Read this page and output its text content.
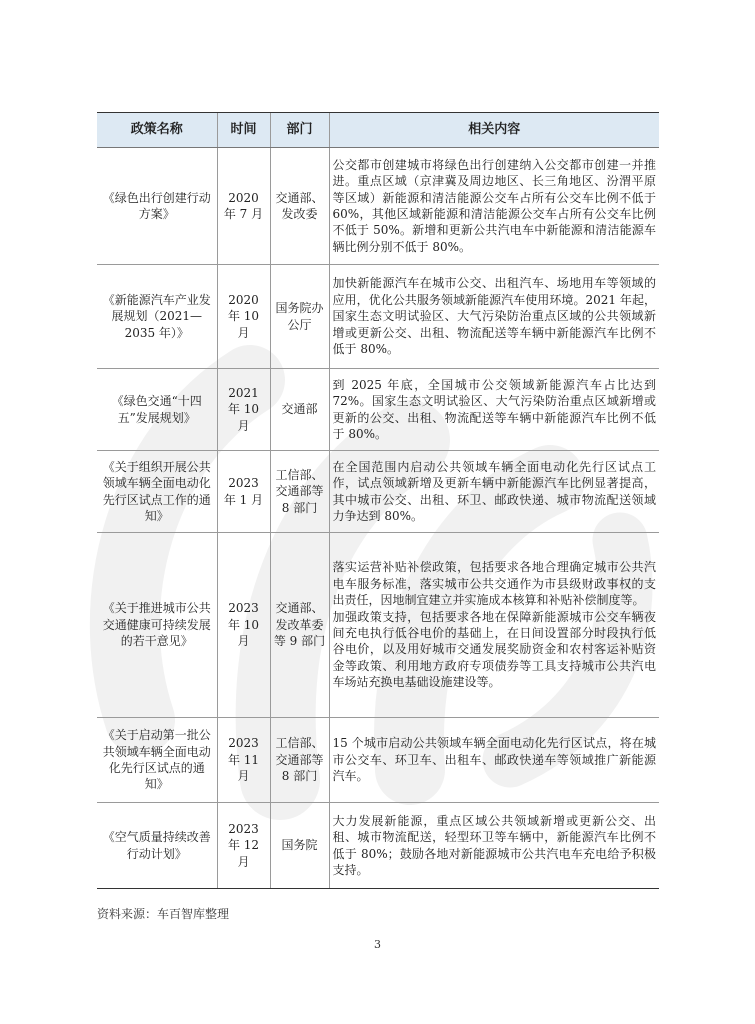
政策名称	时间	部门	相关内容
《绿色出行创建行动方案》	2020 年 7 月	交通部、发改委	公交都市创建城市将绿色出行创建纳入公交都市创建一并推进。重点区域（京津冀及周边地区、长三角地区、汾渭平原等区域）新能源和清洁能源公交车占所有公交车比例不低于 60%，其他区域新能源和清洁能源公交车占所有公交车比例不低于 50%。新增和更新公共汽电车中新能源和清洁能源车辆比例分别不低于 80%。

《新能源汽车产业发展规划（2021—2035 年）》	2020 年 10 月	国务院办公厅	加快新能源汽车在城市公交、出租汽车、场地用车等领域的应用，优化公共服务领域新能源汽车使用环境。2021 年起，国家生态文明试验区、大气污染防治重点区域的公共领域新增或更新公交、出租、物流配送等车辆中新能源汽车比例不低于 80%。

《绿色交通“十四五”发展规划》	2021 年 10 月	交通部	到 2025 年底，全国城市公交领域新能源汽车占比达到 72%。国家生态文明试验区、大气污染防治重点区域新增或更新的公交、出租、物流配送等车辆中新能源汽车比例不低于 80%。

《关于组织开展公共领域车辆全面电动化先行区试点工作的通知》	2023 年 1 月	工信部、交通部等 8 部门	在全国范围内启动公共领域车辆全面电动化先行区试点工作，试点领域新增及更新车辆中新能源汽车比例显著提高，其中城市公交、出租、环卫、邮政快递、城市物流配送领域力争达到 80%。

《关于推进城市公共交通健康可持续发展的若干意见》	2023 年 10 月	交通部、发改革委等 9 部门	落实运营补贴补偿政策，包括要求各地合理确定城市公共汽电车服务标准，落实城市公共交通作为市县级财政事权的支出责任，因地制宜建立并实施成本核算和补贴补偿制度等。

加强政策支持，包括要求各地在保障新能源城市公交车辆夜间充电执行低谷电价的基础上，在日间设置部分时段执行低谷电价，以及用好城市交通发展奖励资金和农村客运补贴资金等政策、利用地方政府专项债券等工具支持城市公共汽电车场站充换电基础设施建设等。

《关于启动第一批公共领域车辆全面电动化先行区试点的通知》	2023 年 11 月	工信部、交通部等 8 部门	15 个城市启动公共领域车辆全面电动化先行区试点，将在城市公交车、环卫车、出租车、邮政快递车等领域推广新能源汽车。

《空气质量持续改善行动计划》	2023 年 12 月	国务院	大力发展新能源，重点区域公共领域新增或更新公交、出租、城市物流配送，轻型环卫等车辆中，新能源汽车比例不低于 80%；鼓励各地对新能源城市公共汽电车充电给予积极支持。

资料来源：车百智库整理
3
